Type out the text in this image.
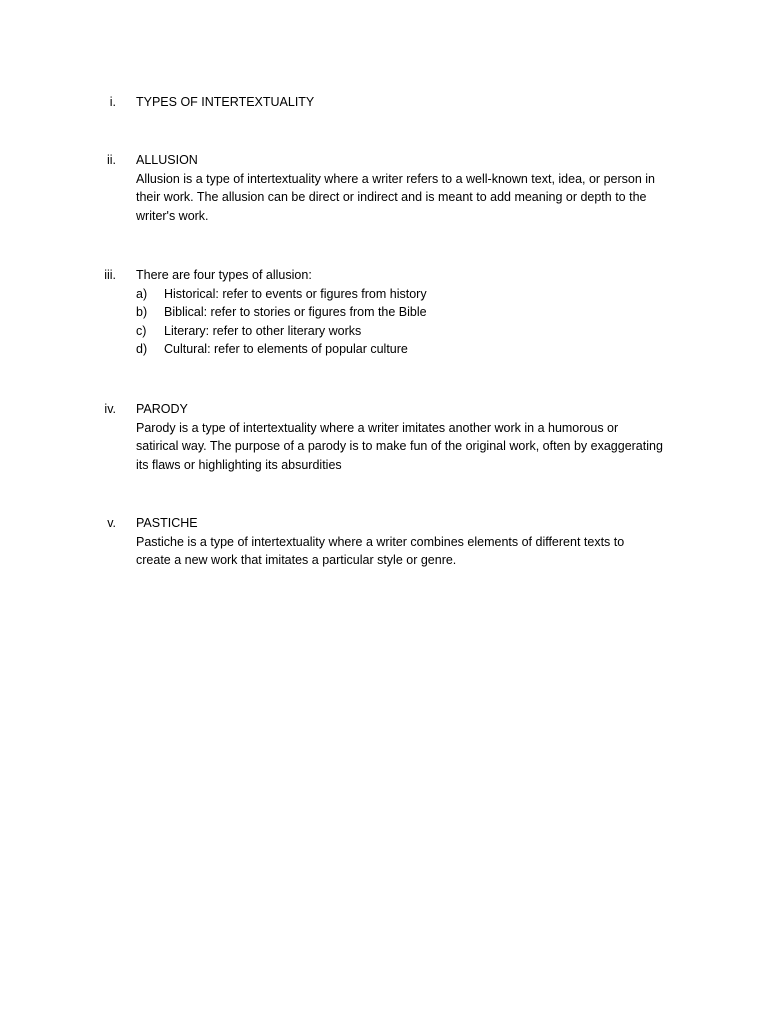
i. TYPES OF INTERTEXTUALITY
ii. ALLUSION
Allusion is a type of intertextuality where a writer refers to a well-known text, idea, or person in
their work. The allusion can be direct or indirect and is meant to add meaning or depth to the
writer's work.
iii. There are four types of allusion:
a) Historical: refer to events or figures from history
b) Biblical: refer to stories or figures from the Bible
c) Literary: refer to other literary works
d) Cultural: refer to elements of popular culture
iv. PARODY
Parody is a type of intertextuality where a writer imitates another work in a humorous or
satirical way. The purpose of a parody is to make fun of the original work, often by exaggerating
its flaws or highlighting its absurdities
v. PASTICHE
Pastiche is a type of intertextuality where a writer combines elements of different texts to
create a new work that imitates a particular style or genre.
